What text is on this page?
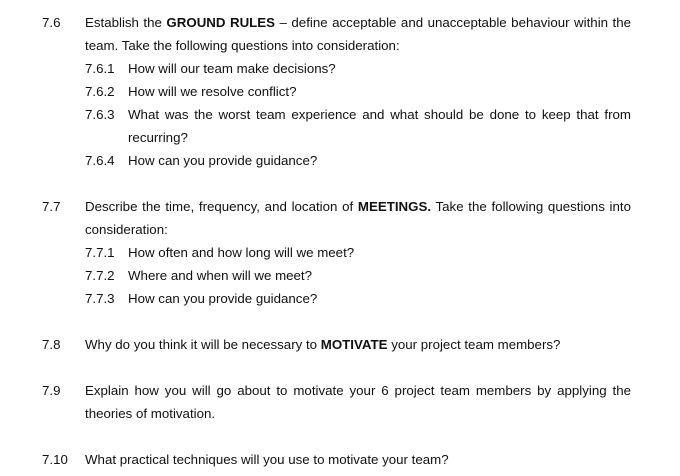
7.6 Establish the GROUND RULES – define acceptable and unacceptable behaviour within the
team. Take the following questions into consideration:
7.6.1 How will our team make decisions?
7.6.2 How will we resolve conflict?
7.6.3 What was the worst team experience and what should be done to keep that from
recurring?
7.6.4 How can you provide guidance?
7.7 Describe the time, frequency, and location of MEETINGS. Take the following questions into
consideration:
7.7.1 How often and how long will we meet?
7.7.2 Where and when will we meet?
7.7.3 How can you provide guidance?
7.8 Why do you think it will be necessary to MOTIVATE your project team members?
7.9 Explain how you will go about to motivate your 6 project team members by applying the
theories of motivation.
7.10 What practical techniques will you use to motivate your team?
